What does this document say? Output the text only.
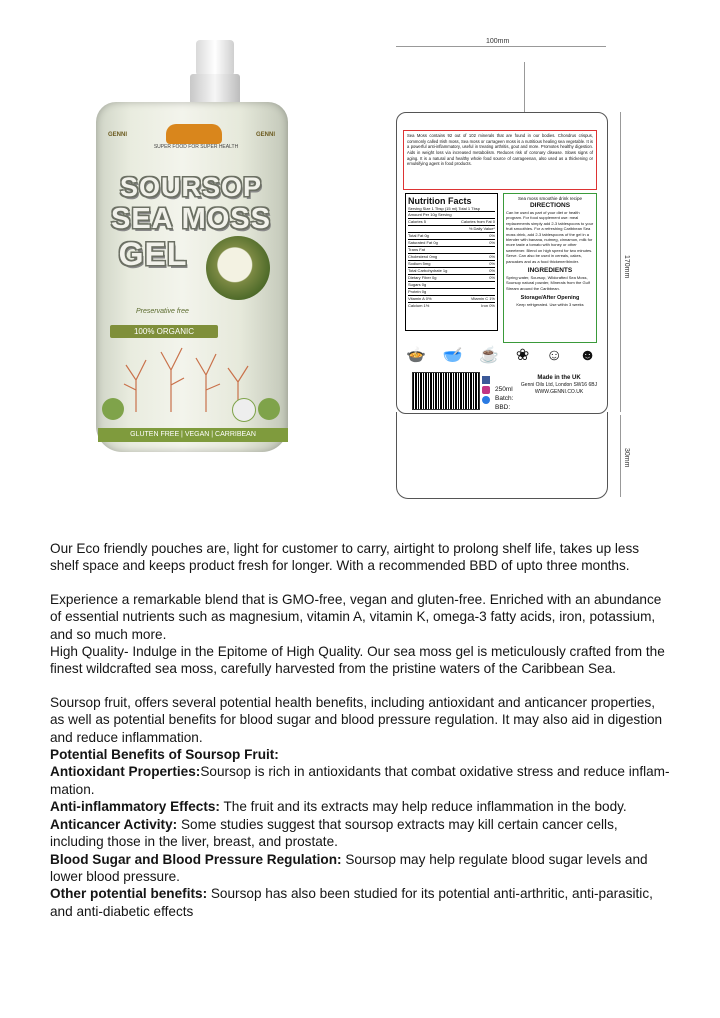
GENNI	GENNI
SUPER FOOD FOR SUPER HEALTH
SOURSOP
SEA MOSS
GEL
Preservative free
100% ORGANIC
GLUTEN FREE | VEGAN | CARRIBEAN
100mm
170mm
30mm
Sea Moss contains 92 out of 102 minerals that are found in our bodies. Chondrus crispus, commonly called Irish moss, Sea moss or carrageen moss is a nutritious healing sea vegetable. It is a powerful anti-inflammatory, useful in treating arthritis, gout and more. Promotes healthy digestion. Aids in weight loss via increased metabolism. Reduces risk of coronary disease. Slows signs of aging. It is a natural and healthy whole food source of carrageenan, also used as a thickening or emulsifying agent in food products.
Nutrition Facts
Serving Size 1 Tbsp (15 ml) Total 1 Tbsp
Amount Per 10g Serving
Calories 5	Calories from Fat 0
% Daily Value*
Total Fat 0g	0%
Saturated Fat 0g	0%
Trans Fat
Cholesterol 0mg	0%
Sodium 5mg	0%
Total Carbohydrate 1g	0%
Dietary Fiber 0g	0%
Sugars 0g
Protein 0g
Vitamin A 0%	Vitamin C 1%
Calcium 1%	Iron 0%
Sea moss smoothie drink recipe
DIRECTIONS
Can be used as part of your diet or health program. For food supplement use: meal replacements simply add 2-3 tablespoons to your fruit smoothies. For a refreshing Caribbean Sea moss drink, add 2-3 tablespoons of the gel in a blender with banana, nutmeg, cinnamon, milk for more taste a tomato with honey or other sweetener. Blend on high speed for two minutes. Serve. Can also be used in cereals, cakes, pancakes and as a food thickener/binder.
INGREDIENTS
Spring water, Soursop, Wildcrafted Sea Moss, Soursop natural powder, Minerals from the Gulf Stream around the Caribbean.
Storage/After Opening
Keep refrigerated. Use within 3 weeks
🍲 🥣 ☕ ❀ ☺ ☻
250ml
Batch:
BBD:
Made in the UK
Genni Oils Ltd, London SW16 6BJ
WWW.GENNI.CO.UK

Our Eco friendly pouches are, light for customer to carry, airtight to prolong shelf life, takes up less shelf space and keeps product fresh for longer. With a recommended BBD of upto three months.

Experience a remarkable blend that is GMO-free, vegan and gluten-free. Enriched with an abundance of essential nutrients such as magnesium, vitamin A, vitamin K, omega-3 fatty acids, iron, potassium, and so much more.

High Quality- Indulge in the Epitome of High Quality. Our sea moss gel is meticulously crafted from the finest wildcrafted sea moss, carefully harvested from the pristine waters of the Caribbean Sea.

Soursop fruit, offers several potential health benefits, including antioxidant and anticancer properties, as well as potential benefits for blood sugar and blood pressure regulation. It may also aid in digestion and reduce inflammation.

Potential Benefits of Soursop Fruit:

Antioxidant Properties:Soursop is rich in antioxidants that combat oxidative stress and reduce inflam-mation.

Anti-inflammatory Effects: The fruit and its extracts may help reduce inflammation in the body.

Anticancer Activity: Some studies suggest that soursop extracts may kill certain cancer cells, including those in the liver, breast, and prostate.

Blood Sugar and Blood Pressure Regulation: Soursop may help regulate blood sugar levels and lower blood pressure.

Other potential benefits: Soursop has also been studied for its potential anti-arthritic, anti-parasitic, and anti-diabetic effects
